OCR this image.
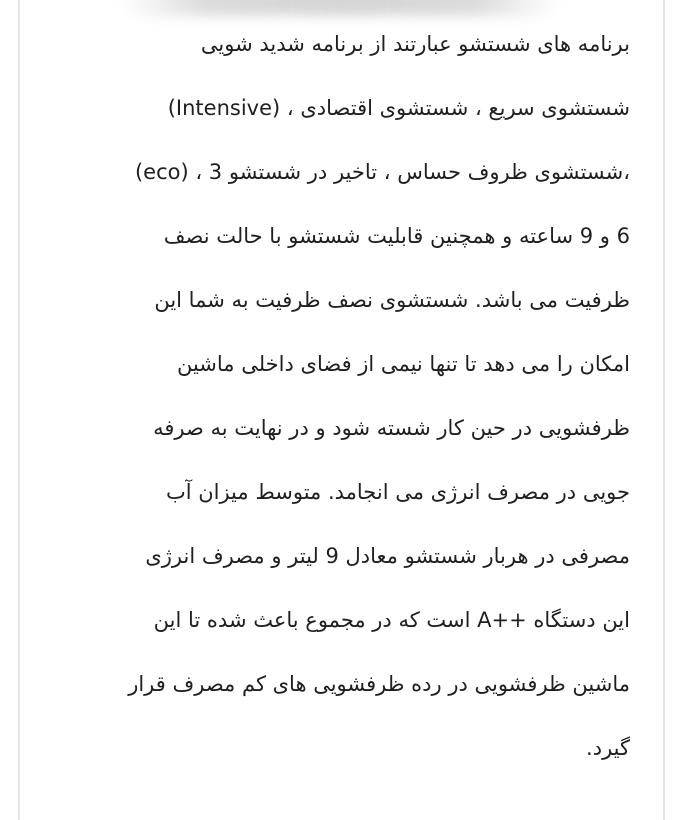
برنامه های شستشو عبارتند از برنامه شدید شویی
(Intensive) ، شستشوی سریع ، شستشوی اقتصادی
(eco) ، شستشوی ظروف حساس ، تاخیر در شستشو 3،
6 و 9 ساعته و همچنین قابلیت شستشو با حالت نصف
ظرفیت می باشد. شستشوی نصف ظرفیت به شما این
امکان را می دهد تا تنها نیمی از فضای داخلی ماشین
ظرفشویی در حین کار شسته شود و در نهایت به صرفه
جویی در مصرف انرژی می انجامد. متوسط میزان آب
مصرفی در هربار شستشو معادل 9 لیتر و مصرف انرژی
این دستگاه ++A است که در مجموع باعث شده تا این
ماشین ظرفشویی در رده ظرفشویی های کم مصرف قرار
گیرد.
